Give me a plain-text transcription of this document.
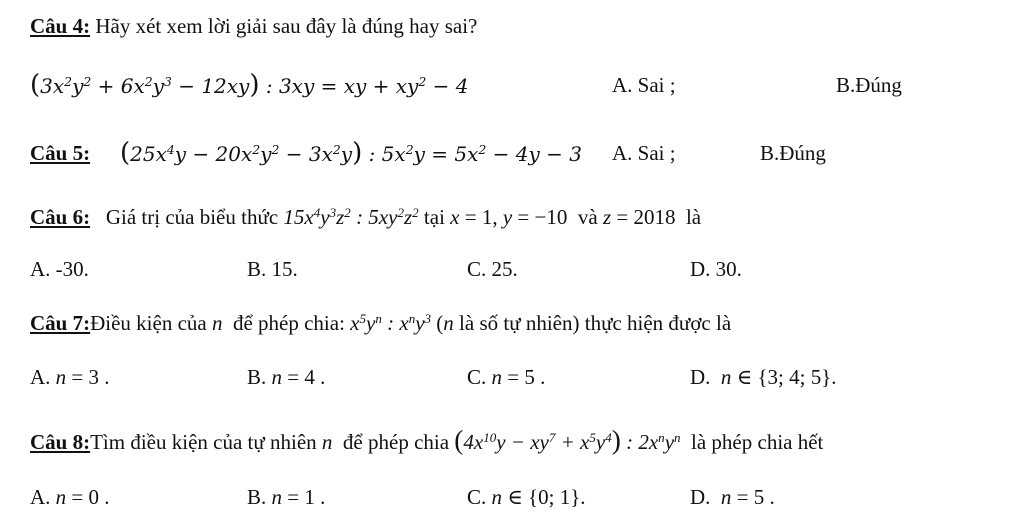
Câu 4: Hãy xét xem lời giải sau đây là đúng hay sai?
$(3x^2y^2 + 6x^2y^3 - 12xy)$ : 3xy = xy + $xy^2 - 4$	A. Sai ;	B.Đúng
Câu 5: $(25x^4y - 20x^2y^2 - 3x^2y)$ : $5x^2y = 5x^2 - 4y - 3$ A. Sai ;	B.Đúng
Câu 6: Giá trị của biểu thức $15x^4y^3z^2$ : $5xy^2z^2$ tại x = 1, y = −10  và z = 2018  là
A. -30.	B. 15.	C. 25.	D. 30.
Câu 7:Điều kiện của n để phép chia: $x^5y^n$ : $x^ny^3$ (n là số tự nhiên) thực hiện được là
A. n = 3 .	B. n = 4 .	C. n = 5 .	D. n ∈ {3; 4; 5}.
Câu 8:Tìm điều kiện của tự nhiên n để phép chia $(4x^{10}y - xy^7 + x^5y^4)$ : $2x^ny^n$ là phép chia hết
A. n = 0 .	B. n = 1 .	C. n ∈ {0; 1}.	D. n = 5 .
